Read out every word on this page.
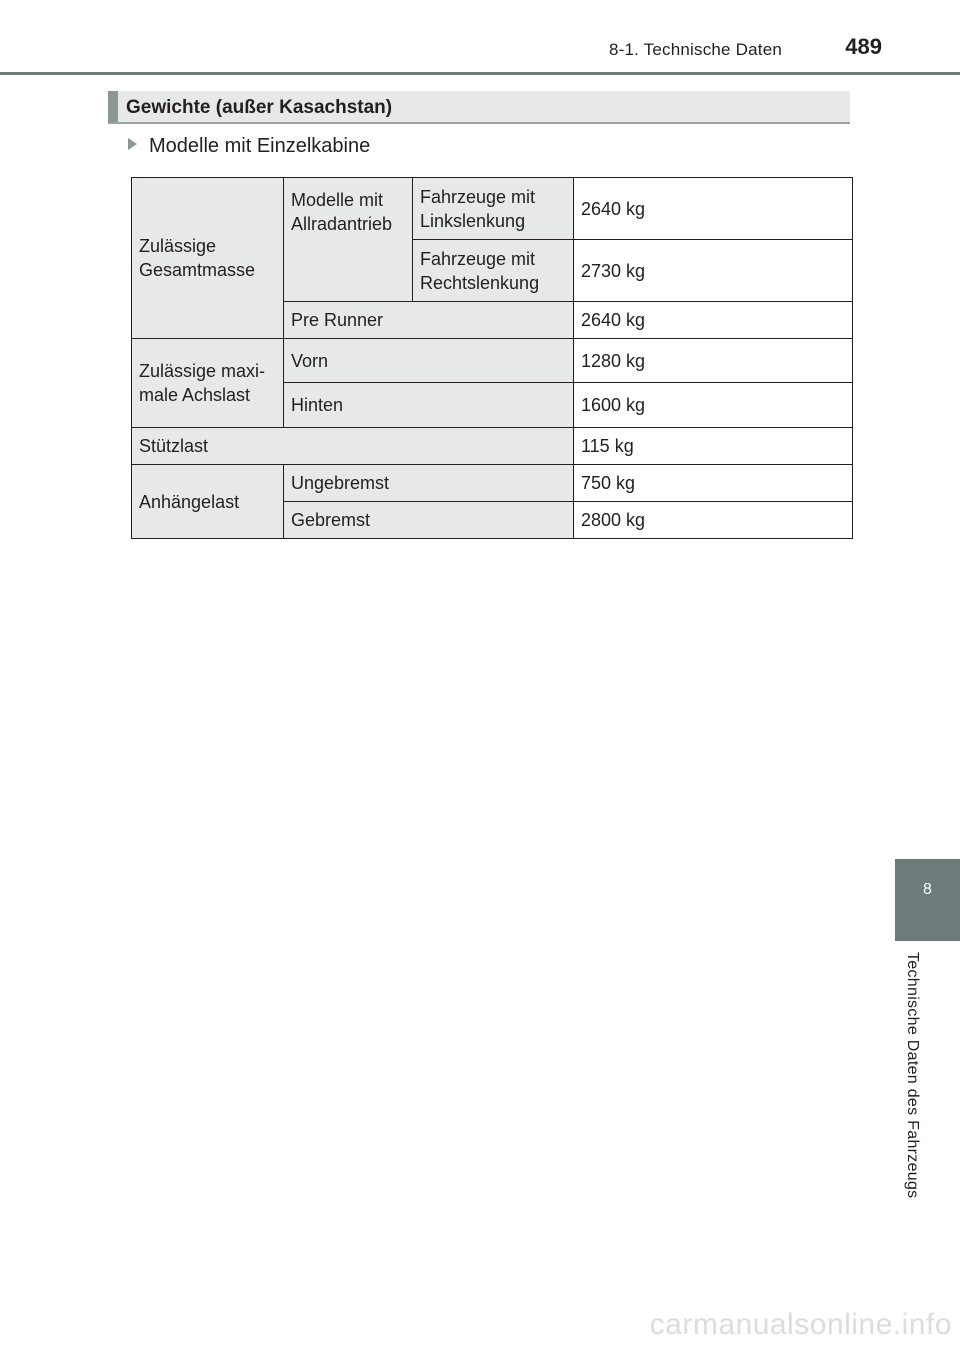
8-1. Technische Daten	489
Gewichte (außer Kasachstan)
Modelle mit Einzelkabine
Zulässige Gesamtmasse	Modelle mit Allradantrieb	Fahrzeuge mit Linkslenkung	2640 kg
		Fahrzeuge mit Rechtslenkung	2730 kg
	Pre Runner		2640 kg
Zulässige maxi-male Achslast	Vorn		1280 kg
	Hinten		1600 kg
Stützlast			115 kg
Anhängelast	Ungebremst		750 kg
	Gebremst		2800 kg
8
Technische Daten des Fahrzeugs
carmanualsonline.info
